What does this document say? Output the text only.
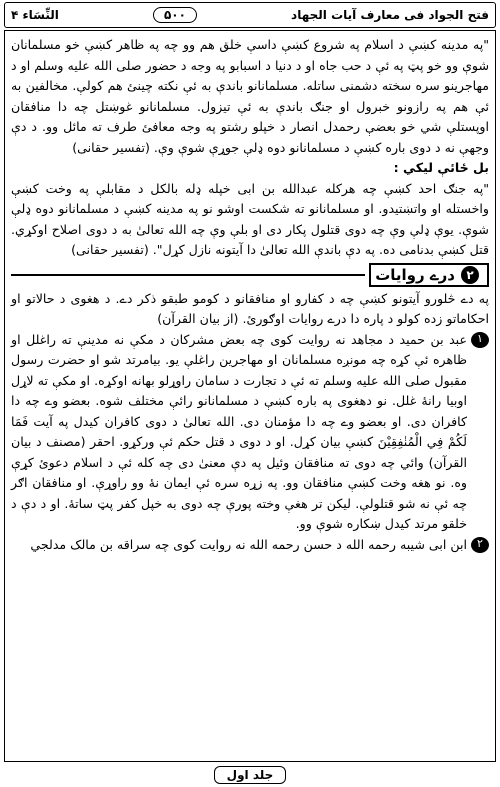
النِّسَاء ۴	۵۰۰	فتح الجواد فی معارف آیات الجهاد

"په مدینه کښې د اسلام په شروع کښې داسې خلق هم وو چه په ظاهر کښې خو مسلمانان شوې وو خو پټ په ئې د حب جاه او د دنیا د اسبابو په وجه د حضور صلی الله علیه وسلم او د مهاجرینو سره سخته دشمنی ساتله. مسلمانانو باندې به ئې نکته چینئ هم کولې. مخالفین به ئې هم په رازونو خبرول او جنګ باندې به ئې تیزول. مسلمانانو غوښتل چه دا منافقان اوپستلې شي خو بعضې رحمدل انصار د خپلو رشتو په وجه معافئ طرف ته مائل وو. د دې وجهې نه د دوی باره کښې د مسلمانانو دوه ډلې جوړې شوې وې. (تفسیر حقانی)

بل ځائې لیکي :

"په جنګ احد کښې چه هرکله عبدالله بن ابی خپله ډله بالکل د مقابلې په وخت کښې واخستله او واتښتیدو. او مسلمانانو ته شکست اوشو نو په مدینه کښې د مسلمانانو دوه ډلې شوې. یوې ډلې وې چه دوی قتلول پکار دی او بلې وې چه الله تعالیٰ به د دوی اصلاح اوکړي. قتل کښې بدنامی ده. په دې باندې الله تعالیٰ دا آیتونه نازل کړل". (تفسیر حقانی)

۲
درے روایات

په دے څلورو آیتونو کښې چه د کفارو او منافقانو د کومو طبقو ذکر دے. د هغوی د حالاتو او احکاماتو زده کولو د پاره دا درے روایات اوګورئ. (از بیان القرآن)

۱
عبد بن حمید د مجاهد نه روایت کوی چه بعض مشرکان د مکې نه مدینې ته راغلل او ظاهره ئې کړه چه مونږه مسلمانان او مهاجرین راغلې یو. بیامرتد شو او حضرت رسول مقبول صلی الله علیه وسلم ته ئې د تجارت د سامان راوړلو بهانه اوکړه. او مکې ته لاړل اوبیا رانهٔ غلل. نو دهغوی په باره کښې د مسلمانانو رائې مختلف شوه. بعضو وے چه دا کافران دی. او بعضو وے چه دا مؤمنان دی. الله تعالیٰ د دوی کافران کیدل په آیت فَمَا لَكُمْ فِي الْمُنٰفِقِيْنَ کښې بیان کړل. او د دوی د قتل حکم ئې ورکړو. احقر (مصنف د بیان القرآن) وائي چه دوی ته منافقان وئیل په دې معنیٰ دی چه کله ئې د اسلام دعوئ کړې وه. نو هغه وخت کښې منافقان وو. په زړه سره ئې ایمان نهٔ وو راوړې. او منافقان اګر چه ئې نه شو قتلولې. لیکن تر هغې وخته پورې چه دوی به خپل کفر پټ ساتهٔ. او د دې د خلقو مرتد کیدل ښکاره شوې وو.
۲
ابن ابی شیبه رحمه الله د حسن رحمه الله نه روایت کوی چه سراقه بن مالک مدلجي
جلد اول
